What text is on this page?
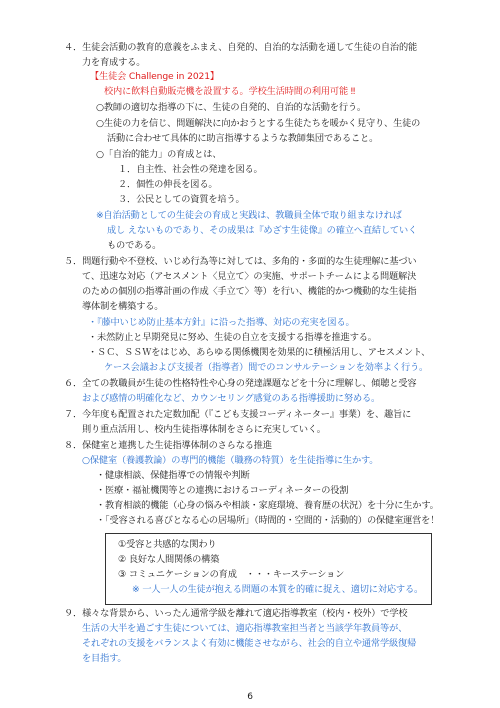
４．生徒会活動の教育的意義をふまえ、自発的、自治的な活動を通して生徒の自治的能
力を育成する。
【生徒会 Challenge in 2021】
校内に飲料自動販売機を設置する。学校生活時間の利用可能 ‼
○教師の適切な指導の下に、生徒の自発的、自治的な活動を行う。
○生徒の力を信じ、問題解決に向かおうとする生徒たちを暖かく見守り、生徒の
活動に合わせて具体的に助言指導するような教師集団であること。
○「自治的能力」の育成とは、
１．自主性、社会性の発達を図る。
２．個性の伸長を図る。
３．公民としての資質を培う。
※自治活動としての生徒会の育成と実践は、教職員全体で取り組まなければ
成し えないものであり、その成果は『めざす生徒像』の確立へ直結していく
ものである。
５．問題行動や不登校、いじめ行為等に対しては、多角的・多面的な生徒理解に基づい
て、迅速な対応（アセスメント〈見立て〉の実施、サポートチームによる問題解決
のための個別の指導計画の作成〈手立て〉等）を行い、機能的かつ機動的な生徒指
導体制を構築する。
・『藤中いじめ防止基本方針』に沿った指導、対応の充実を図る。
・未然防止と早期発見に努め、生徒の自立を支援する指導を推進する。
・ＳＣ、ＳＳＷをはじめ、あらゆる関係機関を効果的に積極活用し、アセスメント、
ケース会議および支援者（指導者）間でのコンサルテーションを効率よく行う。
６．全ての教職員が生徒の性格特性や心身の発達課題などを十分に理解し、傾聴と受容
および感情の明確化など、カウンセリング感覚のある指導援助に努める。
７．今年度も配置された定数加配（『こども支援コーディネーター』事業）を、趣旨に
則り重点活用し、校内生徒指導体制をさらに充実していく。
８．保健室と連携した生徒指導体制のさらなる推進
○保健室（養護教論）の専門的機能（職務の特質）を生徒指導に生かす。
・健康相談、保健指導での情報や判断
・医療・福祉機関等との連携におけるコーディネーターの役割
・教育相談的機能（心身の悩みや相談・家庭環境、養育歴の状況）を十分に生かす。
・「受容される喜びとなる心の居場所」（時間的・空間的・活動的）の保健室運営を！
①受容と共感的な関わり
② 良好な人間関係の構築
③ コミュニケーションの育成　・・・キーステーション
※ 一人一人の生徒が抱える問題の本質を的確に捉え、適切に対応する。
９．様々な背景から、いったん通常学級を離れて適応指導教室（校内・校外）で学校
生活の大半を過ごす生徒については、適応指導教室担当者と当該学年教員等が、
それぞれの支援をバランスよく有効に機能させながら、社会的自立や通常学級復帰
を目指す。
6
